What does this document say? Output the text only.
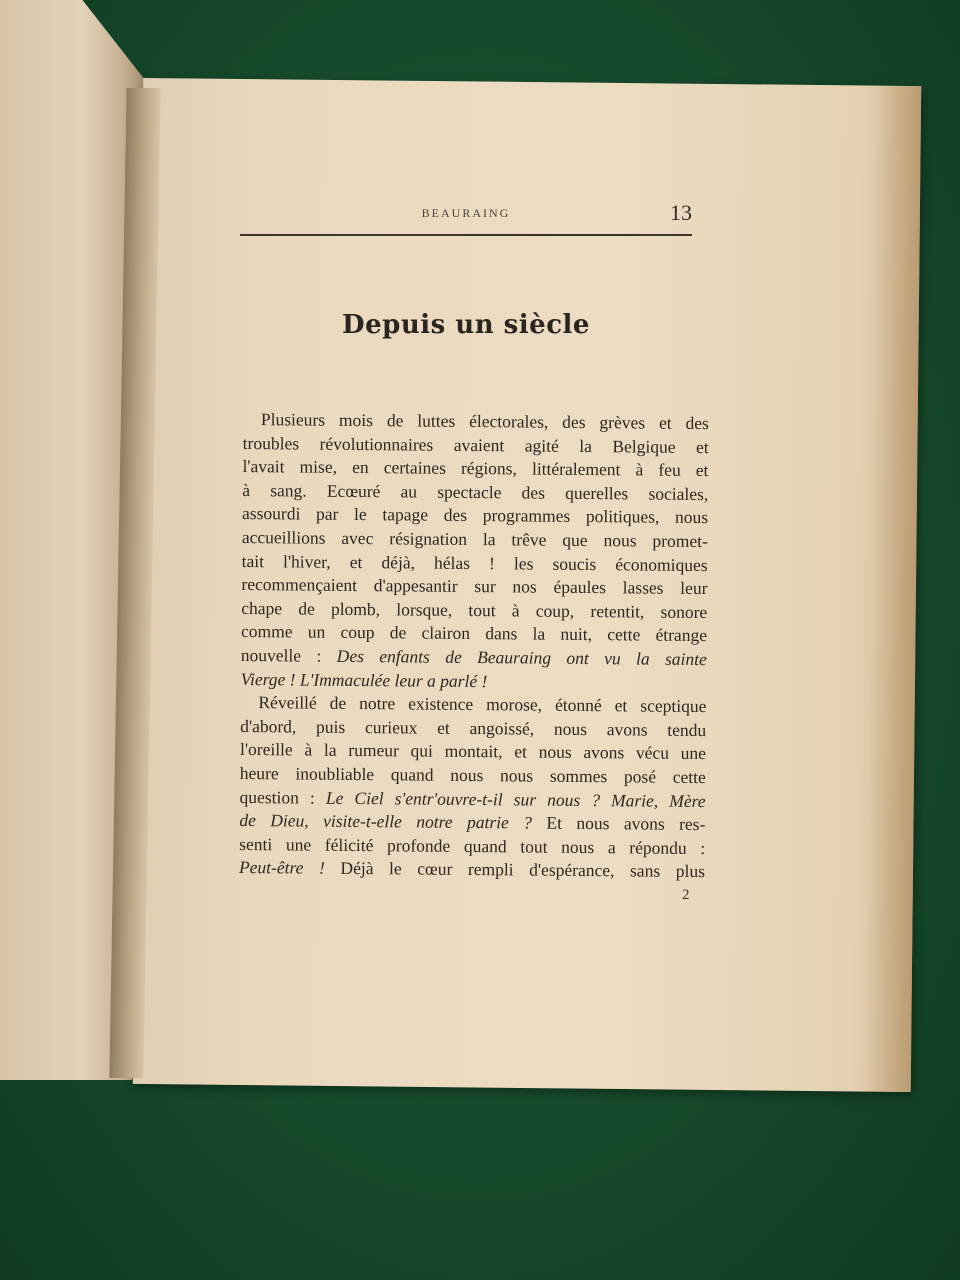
BEAURAING	13
Depuis un siècle
Plusieurs mois de luttes électorales, des grèves et des
troubles révolutionnaires avaient agité la Belgique et
l'avait mise, en certaines régions, littéralement à feu et
à sang. Ecœuré au spectacle des querelles sociales,
assourdi par le tapage des programmes politiques, nous
accueillions avec résignation la trêve que nous promet-
tait l'hiver, et déjà, hélas ! les soucis économiques
recommençaient d'appesantir sur nos épaules lasses leur
chape de plomb, lorsque, tout à coup, retentit, sonore
comme un coup de clairon dans la nuit, cette étrange
nouvelle : Des enfants de Beauraing ont vu la sainte
Vierge ! L'Immaculée leur a parlé !
Réveillé de notre existence morose, étonné et sceptique
d'abord, puis curieux et angoissé, nous avons tendu
l'oreille à la rumeur qui montait, et nous avons vécu une
heure inoubliable quand nous nous sommes posé cette
question : Le Ciel s'entr'ouvre-t-il sur nous ? Marie, Mère
de Dieu, visite-t-elle notre patrie ? Et nous avons res-
senti une félicité profonde quand tout nous a répondu :
Peut-être ! Déjà le cœur rempli d'espérance, sans plus
2
